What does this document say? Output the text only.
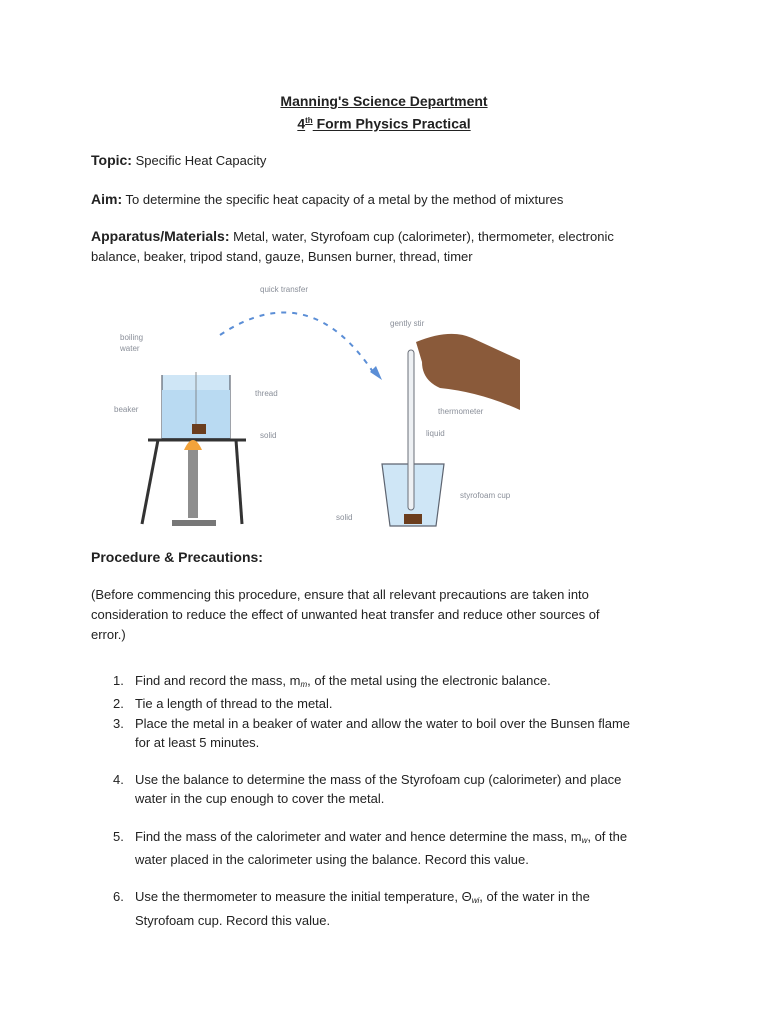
Manning's Science Department
4th Form Physics Practical
Topic: Specific Heat Capacity
Aim: To determine the specific heat capacity of a metal by the method of mixtures
Apparatus/Materials: Metal, water, Styrofoam cup (calorimeter), thermometer, electronic
balance, beaker, tripod stand, gauze, Bunsen burner, thread, timer
quick transfer
boiling
water
beaker
thread
solid
gently stir
thermometer
liquid
styrofoam cup
solid
Procedure & Precautions:
(Before commencing this procedure, ensure that all relevant precautions are taken into
consideration to reduce the effect of unwanted heat transfer and reduce other sources of
error.)
1. Find and record the mass, $m_m$, of the metal using the electronic balance.
2. Tie a length of thread to the metal.
3. Place the metal in a beaker of water and allow the water to boil over the Bunsen flame
for at least 5 minutes.
4. Use the balance to determine the mass of the Styrofoam cup (calorimeter) and place
water in the cup enough to cover the metal.
5. Find the mass of the calorimeter and water and hence determine the mass, $m_w$, of the
water placed in the calorimeter using the balance. Record this value.
6. Use the thermometer to measure the initial temperature, $\Theta_{wi}$, of the water in the
Styrofoam cup. Record this value.
